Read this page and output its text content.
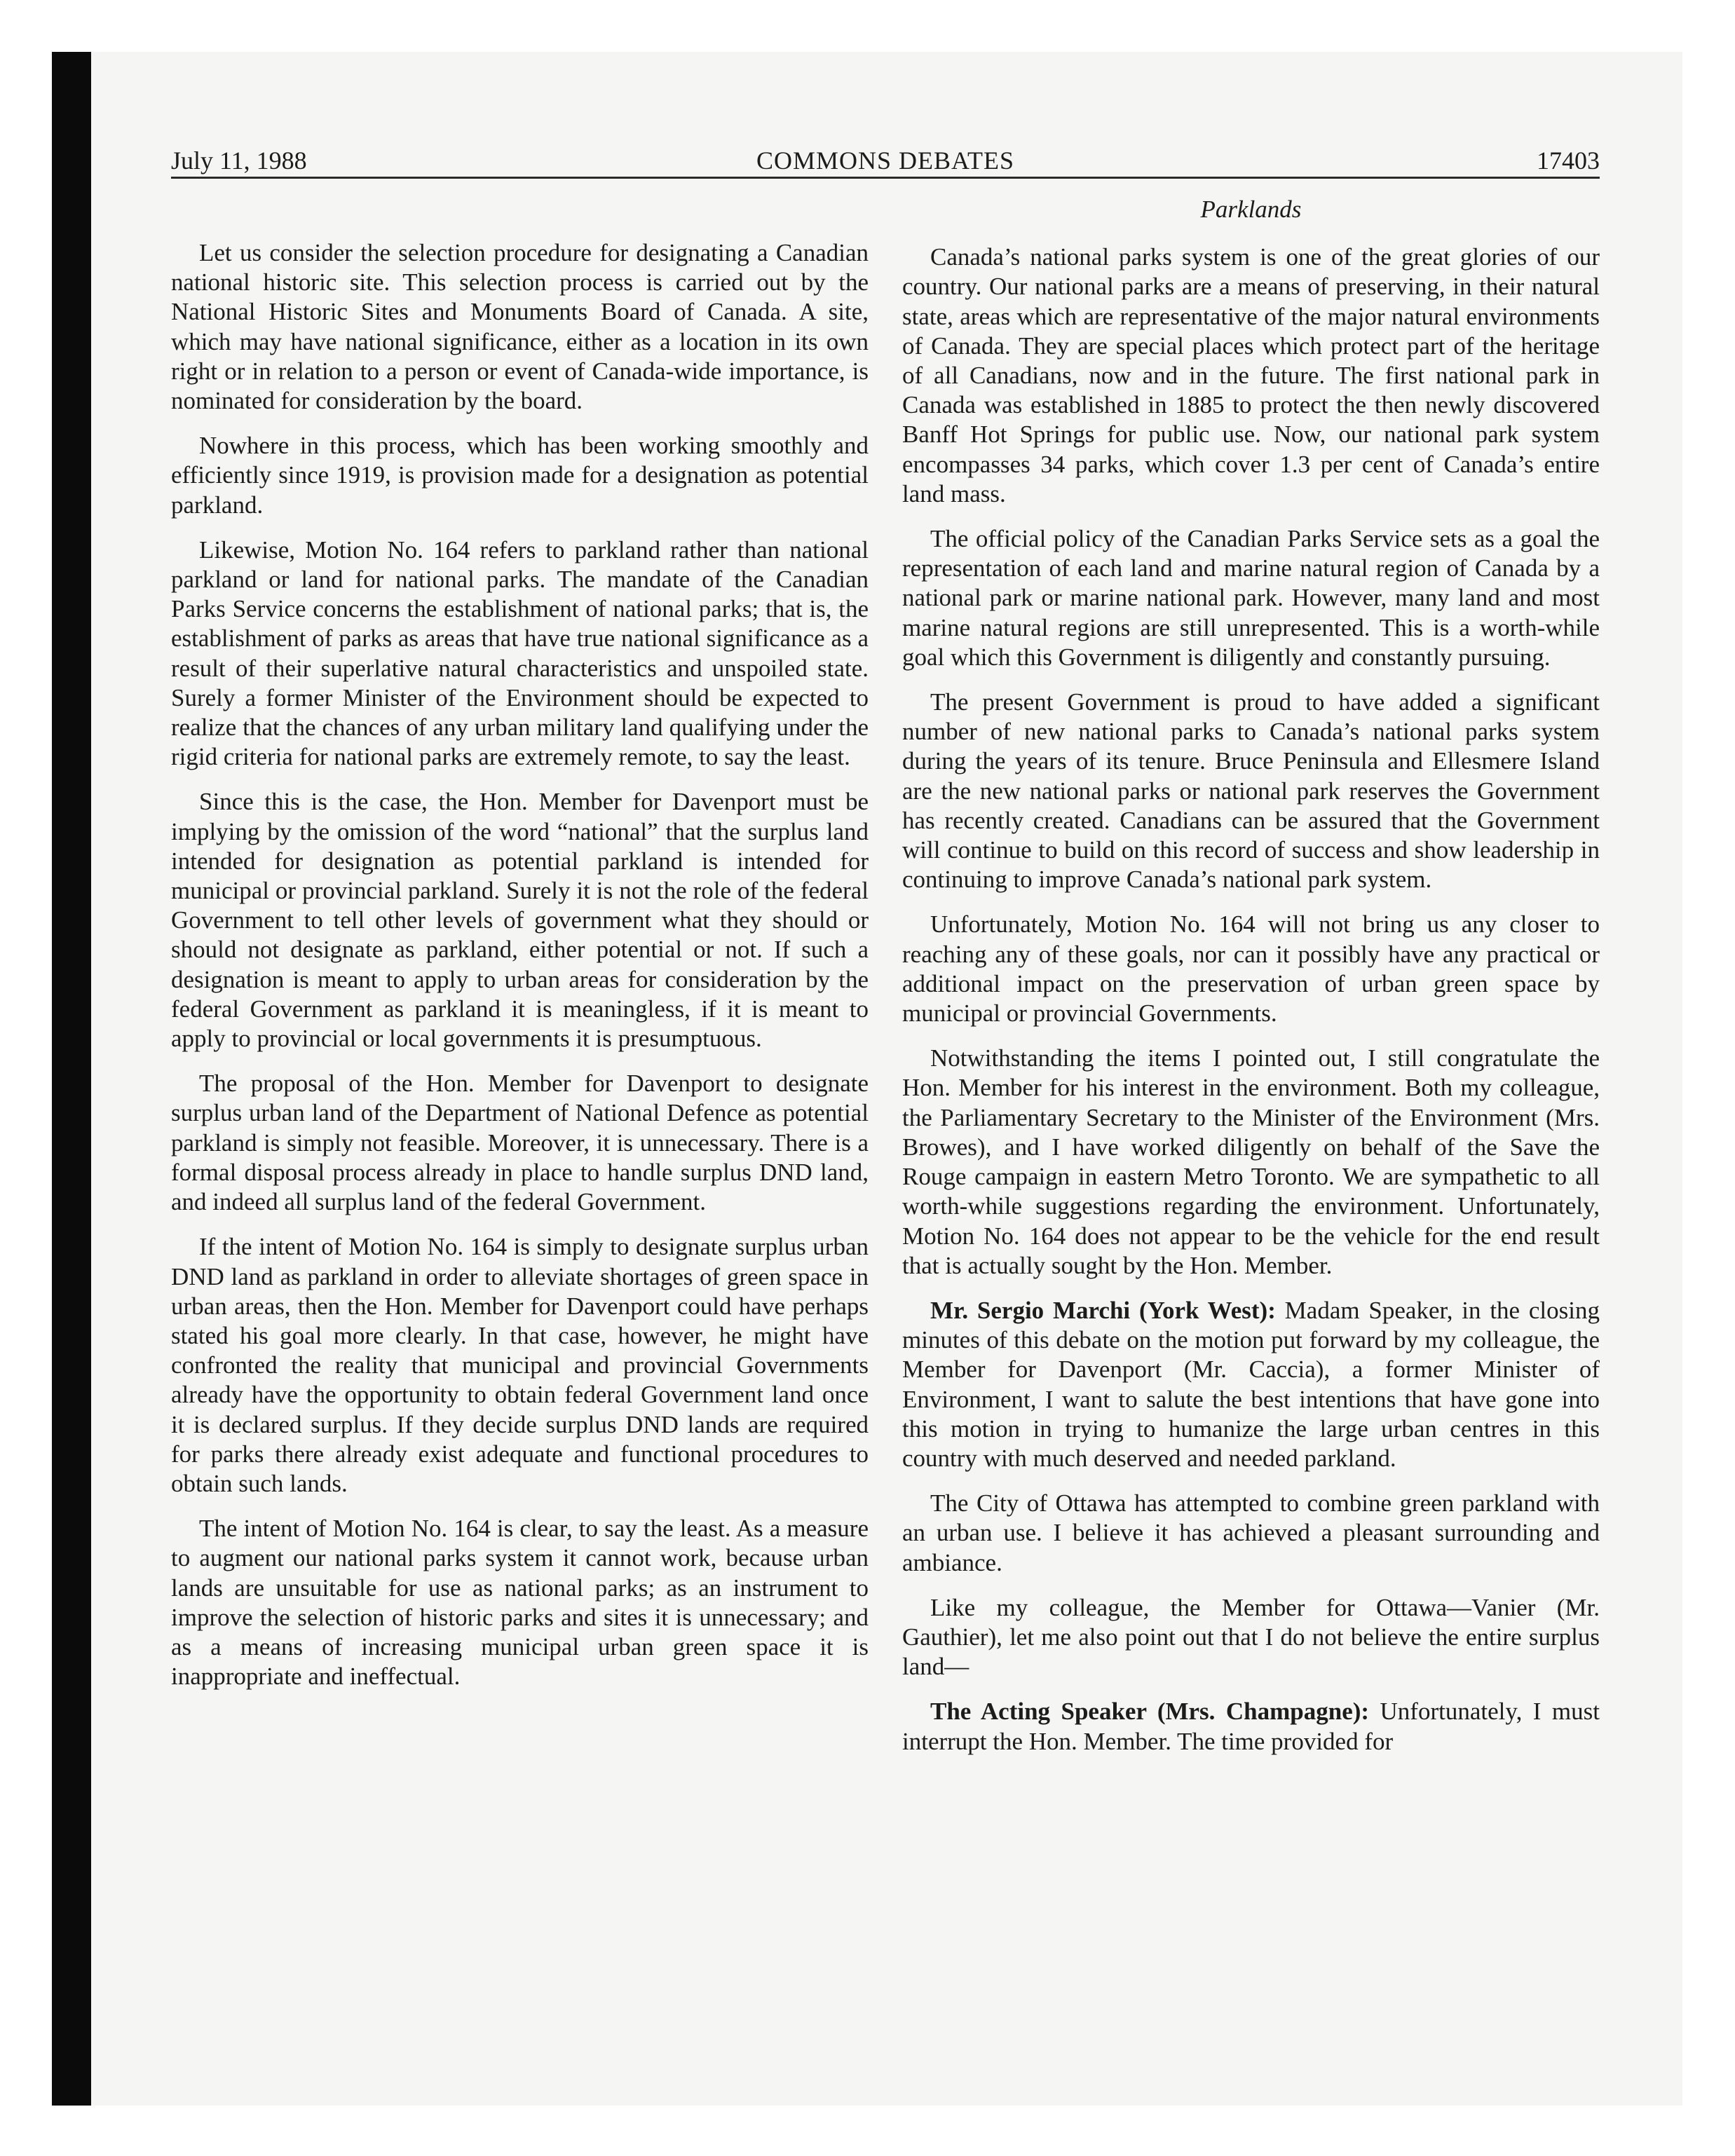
July 11, 1988	COMMONS DEBATES	17403

Let us consider the selection procedure for designating a Canadian national historic site. This selection process is carried out by the National Historic Sites and Monuments Board of Canada. A site, which may have national significance, either as a location in its own right or in relation to a person or event of Canada-wide importance, is nominated for consideration by the board.

Nowhere in this process, which has been working smoothly and efficiently since 1919, is provision made for a designation as potential parkland.

Likewise, Motion No. 164 refers to parkland rather than national parkland or land for national parks. The mandate of the Canadian Parks Service concerns the establishment of national parks; that is, the establishment of parks as areas that have true national significance as a result of their superlative natural characteristics and unspoiled state. Surely a former Minister of the Environment should be expected to realize that the chances of any urban military land qualifying under the rigid criteria for national parks are extremely remote, to say the least.

Since this is the case, the Hon. Member for Davenport must be implying by the omission of the word “national” that the surplus land intended for designation as potential parkland is intended for municipal or provincial parkland. Surely it is not the role of the federal Government to tell other levels of government what they should or should not designate as parkland, either potential or not. If such a designation is meant to apply to urban areas for consideration by the federal Government as parkland it is meaningless, if it is meant to apply to provincial or local governments it is presumptuous.

The proposal of the Hon. Member for Davenport to designate surplus urban land of the Department of National Defence as potential parkland is simply not feasible. Moreover, it is unnecessary. There is a formal disposal process already in place to handle surplus DND land, and indeed all surplus land of the federal Government.

If the intent of Motion No. 164 is simply to designate surplus urban DND land as parkland in order to alleviate shortages of green space in urban areas, then the Hon. Member for Davenport could have perhaps stated his goal more clearly. In that case, however, he might have confronted the reality that municipal and provincial Governments already have the opportunity to obtain federal Government land once it is declared surplus. If they decide surplus DND lands are required for parks there already exist adequate and functional procedures to obtain such lands.

The intent of Motion No. 164 is clear, to say the least. As a measure to augment our national parks system it cannot work, because urban lands are unsuitable for use as national parks; as an instrument to improve the selection of historic parks and sites it is unnecessary; and as a means of increasing municipal urban green space it is inappropriate and ineffectual.

Parklands

Canada’s national parks system is one of the great glories of our country. Our national parks are a means of preserving, in their natural state, areas which are representative of the major natural environments of Canada. They are special places which protect part of the heritage of all Canadians, now and in the future. The first national park in Canada was established in 1885 to protect the then newly discovered Banff Hot Springs for public use. Now, our national park system encompasses 34 parks, which cover 1.3 per cent of Canada’s entire land mass.

The official policy of the Canadian Parks Service sets as a goal the representation of each land and marine natural region of Canada by a national park or marine national park. However, many land and most marine natural regions are still unrepresented. This is a worth-while goal which this Government is diligently and constantly pursuing.

The present Government is proud to have added a significant number of new national parks to Canada’s national parks system during the years of its tenure. Bruce Peninsula and Ellesmere Island are the new national parks or national park reserves the Government has recently created. Canadians can be assured that the Government will continue to build on this record of success and show leadership in continuing to improve Canada’s national park system.

Unfortunately, Motion No. 164 will not bring us any closer to reaching any of these goals, nor can it possibly have any practical or additional impact on the preservation of urban green space by municipal or provincial Governments.

Notwithstanding the items I pointed out, I still congratulate the Hon. Member for his interest in the environment. Both my colleague, the Parliamentary Secretary to the Minister of the Environment (Mrs. Browes), and I have worked diligently on behalf of the Save the Rouge campaign in eastern Metro Toronto. We are sympathetic to all worth-while suggestions regarding the environment. Unfortunately, Motion No. 164 does not appear to be the vehicle for the end result that is actually sought by the Hon. Member.

Mr. Sergio Marchi (York West): Madam Speaker, in the closing minutes of this debate on the motion put forward by my colleague, the Member for Davenport (Mr. Caccia), a former Minister of Environment, I want to salute the best intentions that have gone into this motion in trying to humanize the large urban centres in this country with much deserved and needed parkland.

The City of Ottawa has attempted to combine green parkland with an urban use. I believe it has achieved a pleasant surrounding and ambiance.

Like my colleague, the Member for Ottawa—Vanier (Mr. Gauthier), let me also point out that I do not believe the entire surplus land—

The Acting Speaker (Mrs. Champagne): Unfortunately, I must interrupt the Hon. Member. The time provided for
